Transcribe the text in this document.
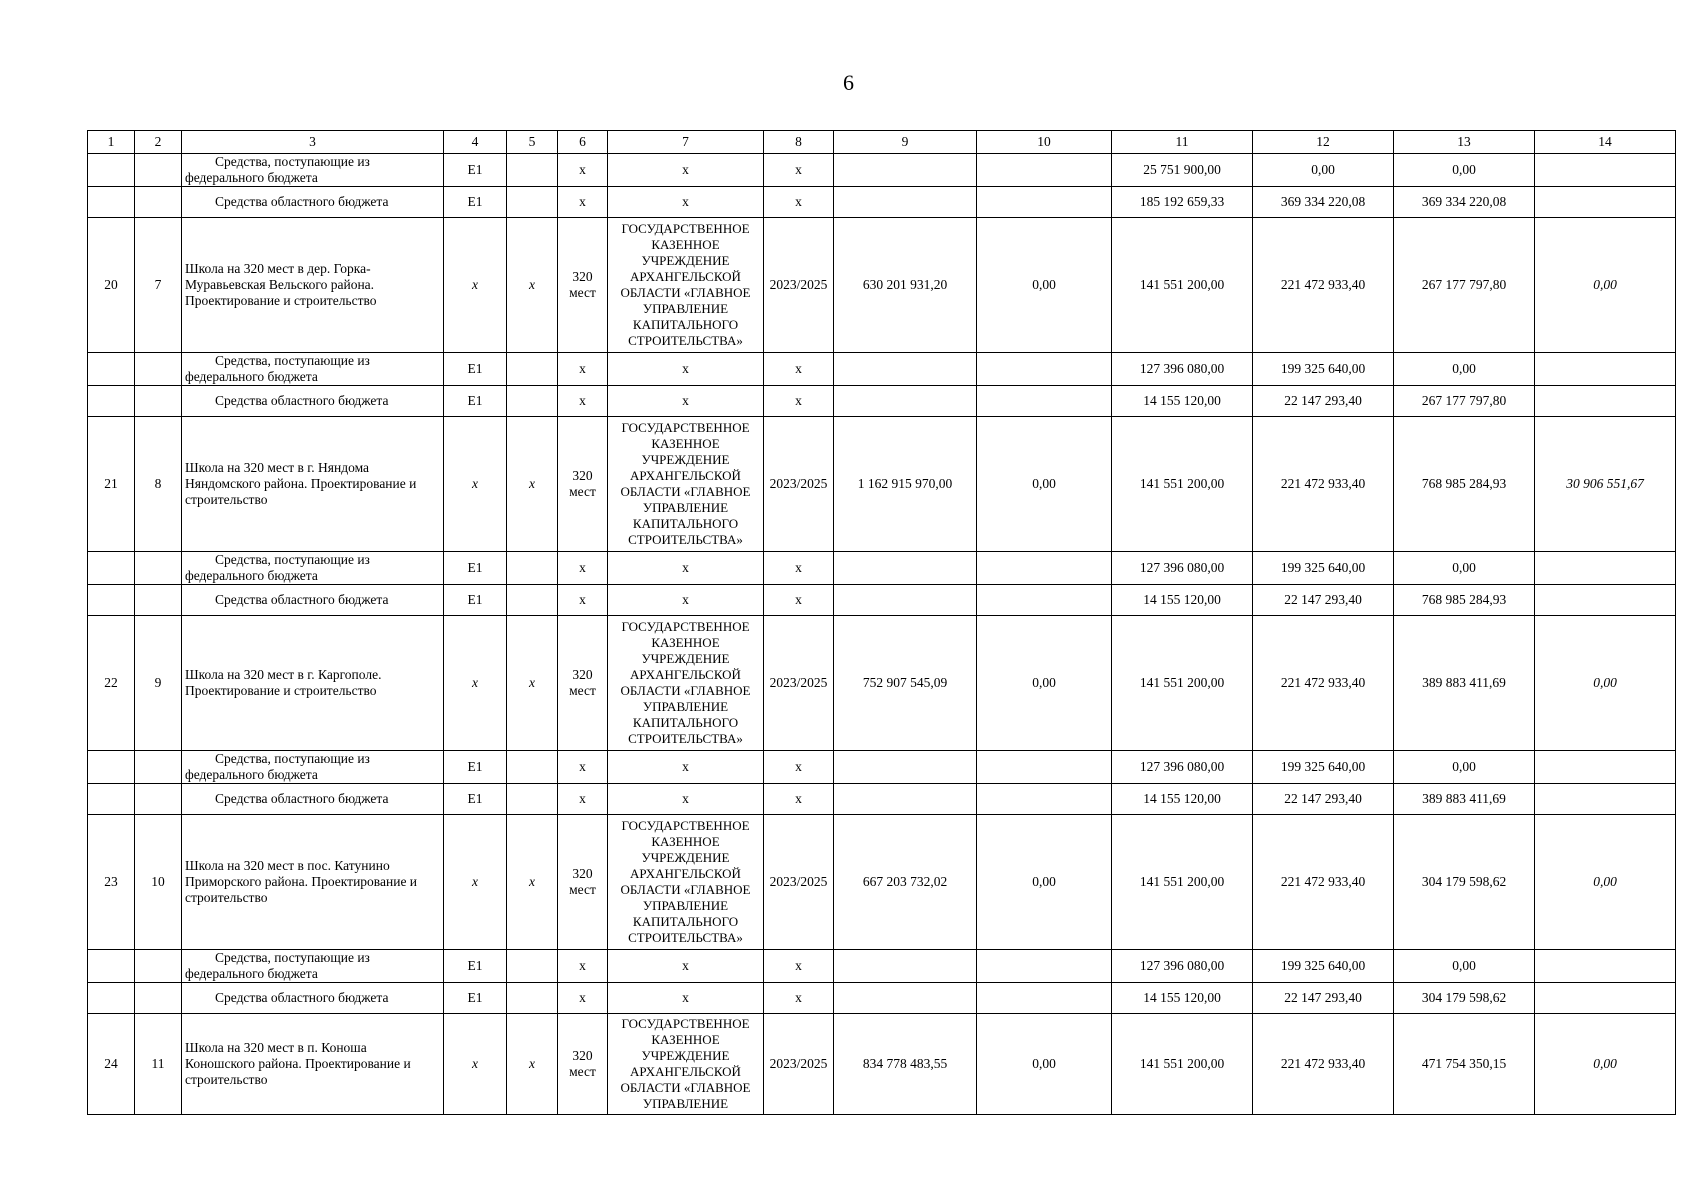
6
1	2	3	4	5	6	7	8	9	10	11	12	13	14

		Средства, поступающие из федерального бюджета	E1		x	x	x			25 751 900,00	0,00	0,00	

		Средства областного бюджета	E1		x	x	x			185 192 659,33	369 334 220,08	369 334 220,08	
20	7	Школа на 320 мест в дер. Горка-Муравьевская Вельского района. Проектирование и строительство	x	x	320 мест	ГОСУДАРСТВЕННОЕ КАЗЕННОЕ УЧРЕЖДЕНИЕ АРХАНГЕЛЬСКОЙ ОБЛАСТИ «ГЛАВНОЕ УПРАВЛЕНИЕ КАПИТАЛЬНОГО СТРОИТЕЛЬСТВА»	2023/2025	630 201 931,20	0,00	141 551 200,00	221 472 933,40	267 177 797,80	0,00

		Средства, поступающие из федерального бюджета	E1		x	x	x			127 396 080,00	199 325 640,00	0,00	

		Средства областного бюджета	E1		x	x	x			14 155 120,00	22 147 293,40	267 177 797,80	
21	8	Школа на 320 мест в г. Няндома Няндомского района. Проектирование и строительство	x	x	320 мест	ГОСУДАРСТВЕННОЕ КАЗЕННОЕ УЧРЕЖДЕНИЕ АРХАНГЕЛЬСКОЙ ОБЛАСТИ «ГЛАВНОЕ УПРАВЛЕНИЕ КАПИТАЛЬНОГО СТРОИТЕЛЬСТВА»	2023/2025	1 162 915 970,00	0,00	141 551 200,00	221 472 933,40	768 985 284,93	30 906 551,67

		Средства, поступающие из федерального бюджета	E1		x	x	x			127 396 080,00	199 325 640,00	0,00	

		Средства областного бюджета	E1		x	x	x			14 155 120,00	22 147 293,40	768 985 284,93	
22	9	Школа на 320 мест в г. Каргополе. Проектирование и строительство	x	x	320 мест	ГОСУДАРСТВЕННОЕ КАЗЕННОЕ УЧРЕЖДЕНИЕ АРХАНГЕЛЬСКОЙ ОБЛАСТИ «ГЛАВНОЕ УПРАВЛЕНИЕ КАПИТАЛЬНОГО СТРОИТЕЛЬСТВА»	2023/2025	752 907 545,09	0,00	141 551 200,00	221 472 933,40	389 883 411,69	0,00

		Средства, поступающие из федерального бюджета	E1		x	x	x			127 396 080,00	199 325 640,00	0,00	

		Средства областного бюджета	E1		x	x	x			14 155 120,00	22 147 293,40	389 883 411,69	
23	10	Школа на 320 мест в пос. Катунино Приморского района. Проектирование и строительство	x	x	320 мест	ГОСУДАРСТВЕННОЕ КАЗЕННОЕ УЧРЕЖДЕНИЕ АРХАНГЕЛЬСКОЙ ОБЛАСТИ «ГЛАВНОЕ УПРАВЛЕНИЕ КАПИТАЛЬНОГО СТРОИТЕЛЬСТВА»	2023/2025	667 203 732,02	0,00	141 551 200,00	221 472 933,40	304 179 598,62	0,00

		Средства, поступающие из федерального бюджета	E1		x	x	x			127 396 080,00	199 325 640,00	0,00	

		Средства областного бюджета	E1		x	x	x			14 155 120,00	22 147 293,40	304 179 598,62	
24	11	Школа на 320 мест в п. Коноша Коношского района. Проектирование и строительство	x	x	320 мест	ГОСУДАРСТВЕННОЕ КАЗЕННОЕ УЧРЕЖДЕНИЕ АРХАНГЕЛЬСКОЙ ОБЛАСТИ «ГЛАВНОЕ УПРАВЛЕНИЕ	2023/2025	834 778 483,55	0,00	141 551 200,00	221 472 933,40	471 754 350,15	0,00
